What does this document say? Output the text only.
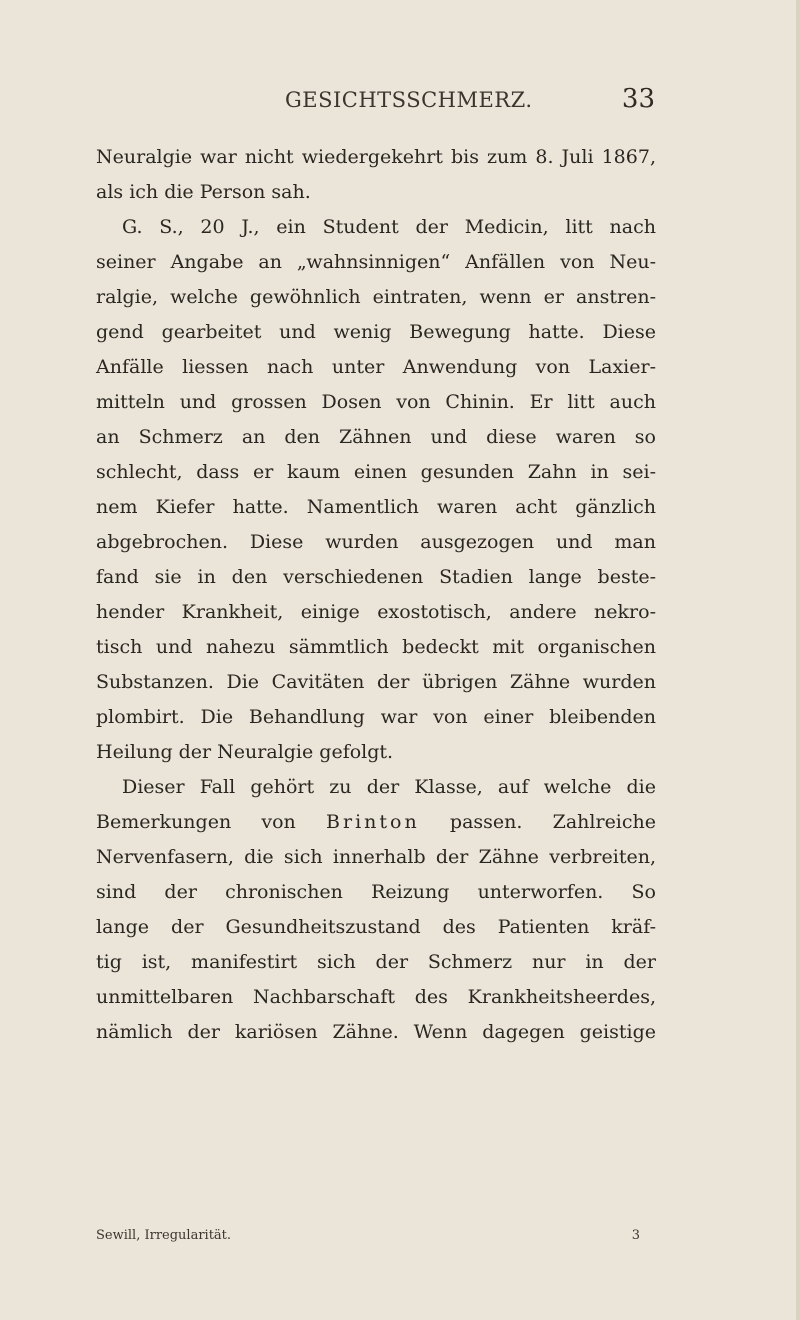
GESICHTSSCHMERZ.	33
Neuralgie war nicht wiedergekehrt bis zum 8. Juli 1867,
als ich die Person sah.
G. S., 20 J., ein Student der Medicin, litt nach
seiner Angabe an „wahnsinnigen“ Anfällen von Neu-
ralgie, welche gewöhnlich eintraten, wenn er anstren-
gend gearbeitet und wenig Bewegung hatte. Diese
Anfälle liessen nach unter Anwendung von Laxier-
mitteln und grossen Dosen von Chinin. Er litt auch
an Schmerz an den Zähnen und diese waren so
schlecht, dass er kaum einen gesunden Zahn in sei-
nem Kiefer hatte. Namentlich waren acht gänzlich
abgebrochen. Diese wurden ausgezogen und man
fand sie in den verschiedenen Stadien lange beste-
hender Krankheit, einige exostotisch, andere nekro-
tisch und nahezu sämmtlich bedeckt mit organischen
Substanzen. Die Cavitäten der übrigen Zähne wurden
plombirt. Die Behandlung war von einer bleibenden
Heilung der Neuralgie gefolgt.
Dieser Fall gehört zu der Klasse, auf welche die
Bemerkungen von Brinton passen. Zahlreiche
Nervenfasern, die sich innerhalb der Zähne verbreiten,
sind der chronischen Reizung unterworfen. So
lange der Gesundheitszustand des Patienten kräf-
tig ist, manifestirt sich der Schmerz nur in der
unmittelbaren Nachbarschaft des Krankheitsheerdes,
nämlich der kariösen Zähne. Wenn dagegen geistige
Sewill, Irregularität.	3
